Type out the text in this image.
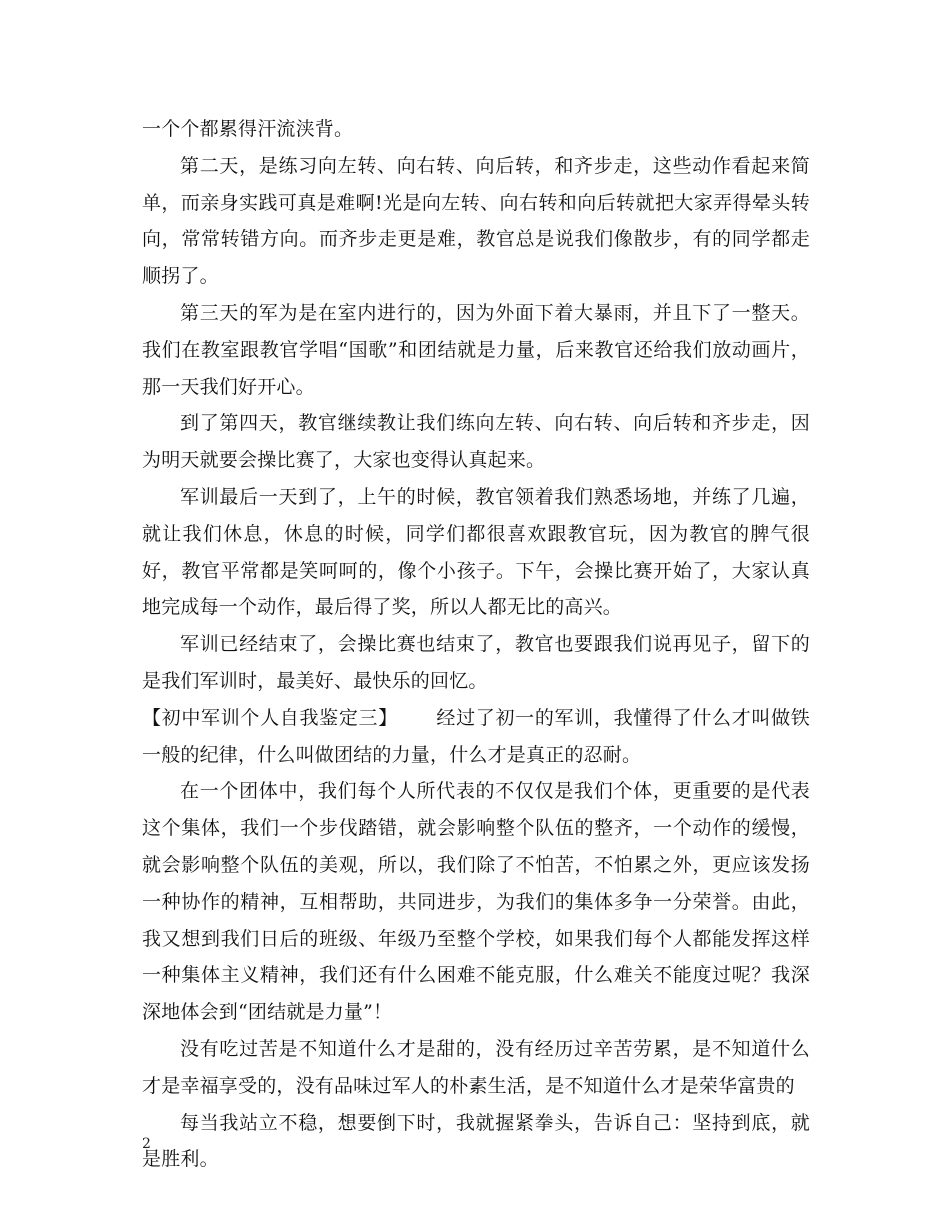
一个个都累得汗流浃背。

第二天，是练习向左转、向右转、向后转，和齐步走，这些动作看起来简单，而亲身实践可真是难啊!光是向左转、向右转和向后转就把大家弄得晕头转向，常常转错方向。而齐步走更是难，教官总是说我们像散步，有的同学都走顺拐了。

第三天的军为是在室内进行的，因为外面下着大暴雨，并且下了一整天。我们在教室跟教官学唱“国歌”和团结就是力量，后来教官还给我们放动画片，那一天我们好开心。

到了第四天，教官继续教让我们练向左转、向右转、向后转和齐步走，因为明天就要会操比赛了，大家也变得认真起来。

军训最后一天到了，上午的时候，教官领着我们熟悉场地，并练了几遍，就让我们休息，休息的时候，同学们都很喜欢跟教官玩，因为教官的脾气很好，教官平常都是笑呵呵的，像个小孩子。下午，会操比赛开始了，大家认真地完成每一个动作，最后得了奖，所以人都无比的高兴。

军训已经结束了，会操比赛也结束了，教官也要跟我们说再见子，留下的是我们军训时，最美好、最快乐的回忆。

【初中军训个人自我鉴定三】 经过了初一的军训，我懂得了什么才叫做铁一般的纪律，什么叫做团结的力量，什么才是真正的忍耐。

在一个团体中，我们每个人所代表的不仅仅是我们个体，更重要的是代表这个集体，我们一个步伐踏错，就会影响整个队伍的整齐，一个动作的缓慢，就会影响整个队伍的美观，所以，我们除了不怕苦，不怕累之外，更应该发扬一种协作的精神，互相帮助，共同进步，为我们的集体多争一分荣誉。由此，我又想到我们日后的班级、年级乃至整个学校，如果我们每个人都能发挥这样一种集体主义精神，我们还有什么困难不能克服，什么难关不能度过呢？我深深地体会到“团结就是力量”！

没有吃过苦是不知道什么才是甜的，没有经历过辛苦劳累，是不知道什么才是幸福享受的，没有品味过军人的朴素生活，是不知道什么才是荣华富贵的

每当我站立不稳，想要倒下时，我就握紧拳头，告诉自己：坚持到底，就是胜利。

2
